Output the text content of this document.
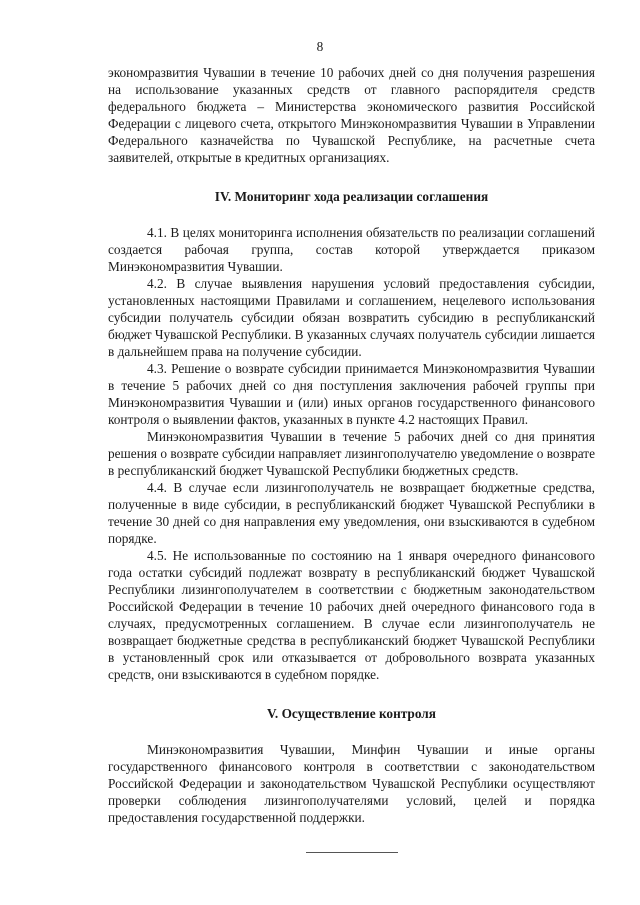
8

экономразвития Чувашии в течение 10 рабочих дней со дня получения разрешения на использование указанных средств от главного распорядителя средств федерального бюджета – Министерства экономического развития Российской Федерации с лицевого счета, открытого Минэкономразвития Чувашии в Управлении Федерального казначейства по Чувашской Республике, на расчетные счета заявителей, открытые в кредитных организациях.

IV. Мониторинг хода реализации соглашения

4.1. В целях мониторинга исполнения обязательств по реализации соглашений создается рабочая группа, состав которой утверждается приказом Минэкономразвития Чувашии.

4.2. В случае выявления нарушения условий предоставления субсидии, установленных настоящими Правилами и соглашением, нецелевого использования субсидии получатель субсидии обязан возвратить субсидию в республиканский бюджет Чувашской Республики. В указанных случаях получатель субсидии лишается в дальнейшем права на получение субсидии.

4.3. Решение о возврате субсидии принимается Минэкономразвития Чувашии в течение 5 рабочих дней со дня поступления заключения рабочей группы при Минэкономразвития Чувашии и (или) иных органов государственного финансового контроля о выявлении фактов, указанных в пункте 4.2 настоящих Правил.

Минэкономразвития Чувашии в течение 5 рабочих дней со дня принятия решения о возврате субсидии направляет лизингополучателю уведомление о возврате в республиканский бюджет Чувашской Республики бюджетных средств.

4.4. В случае если лизингополучатель не возвращает бюджетные средства, полученные в виде субсидии, в республиканский бюджет Чувашской Республики в течение 30 дней со дня направления ему уведомления, они взыскиваются в судебном порядке.

4.5. Не использованные по состоянию на 1 января очередного финансового года остатки субсидий подлежат возврату в республиканский бюджет Чувашской Республики лизингополучателем в соответствии с бюджетным законодательством Российской Федерации в течение 10 рабочих дней очередного финансового года в случаях, предусмотренных соглашением. В случае если лизингополучатель не возвращает бюджетные средства в республиканский бюджет Чувашской Республики в установленный срок или отказывается от добровольного возврата указанных средств, они взыскиваются в судебном порядке.

V. Осуществление контроля

Минэкономразвития Чувашии, Минфин Чувашии и иные органы государственного финансового контроля в соответствии с законодательством Российской Федерации и законодательством Чувашской Республики осуществляют проверки соблюдения лизингополучателями условий, целей и порядка предоставления государственной поддержки.
